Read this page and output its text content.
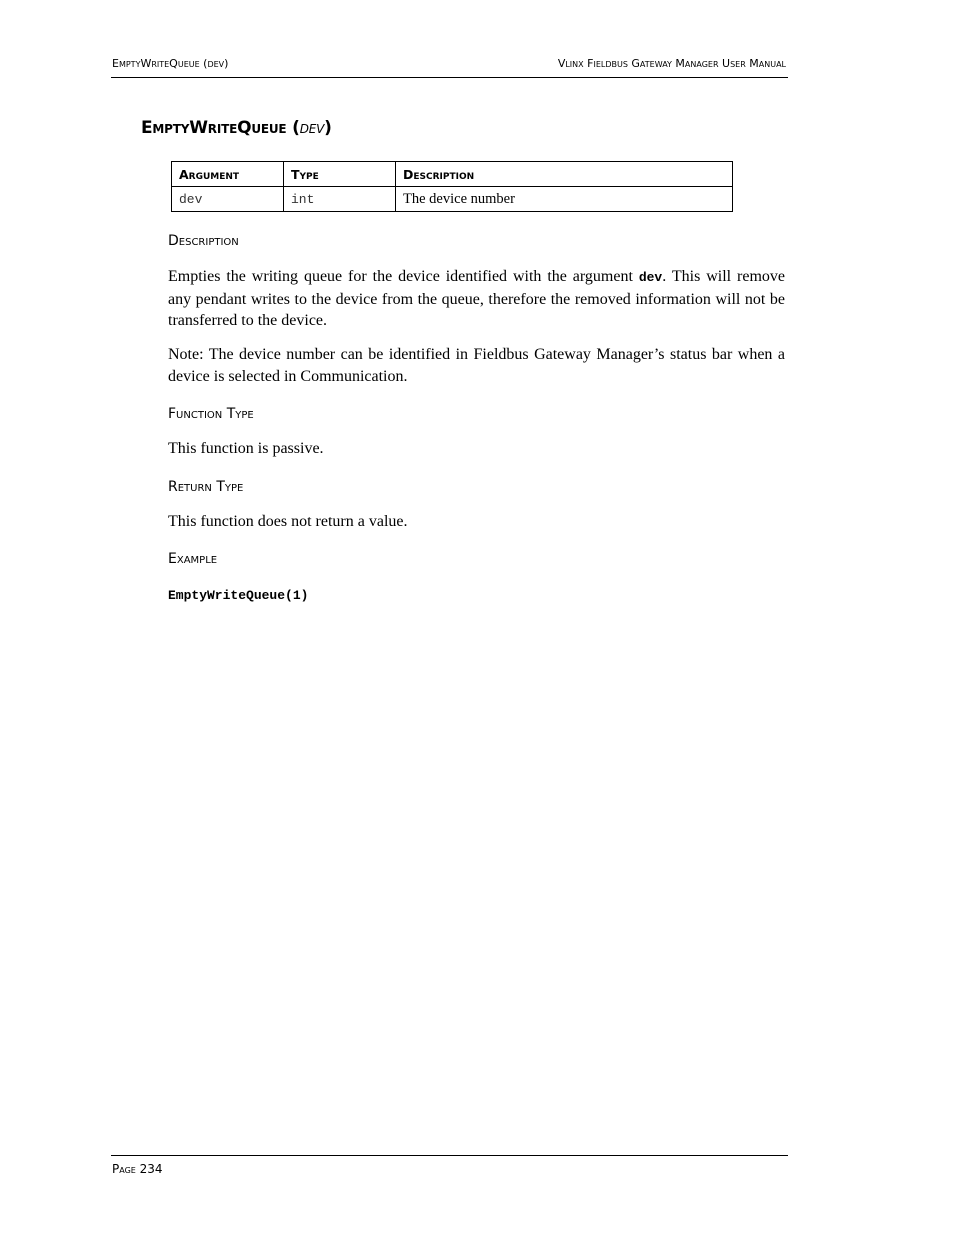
EmptyWriteQueue (dev)	Vlinx Fieldbus Gateway Manager User Manual
EmptyWriteQueue (dev)
Argument	Type	Description
dev	int	The device number
Description
Empties the writing queue for the device identified with the argument dev. This will remove any pendant writes to the device from the queue, therefore the removed information will not be transferred to the device.
Note: The device number can be identified in Fieldbus Gateway Manager’s status bar when a device is selected in Communication.
Function Type
This function is passive.
Return Type
This function does not return a value.
Example
EmptyWriteQueue(1)
Page 234
